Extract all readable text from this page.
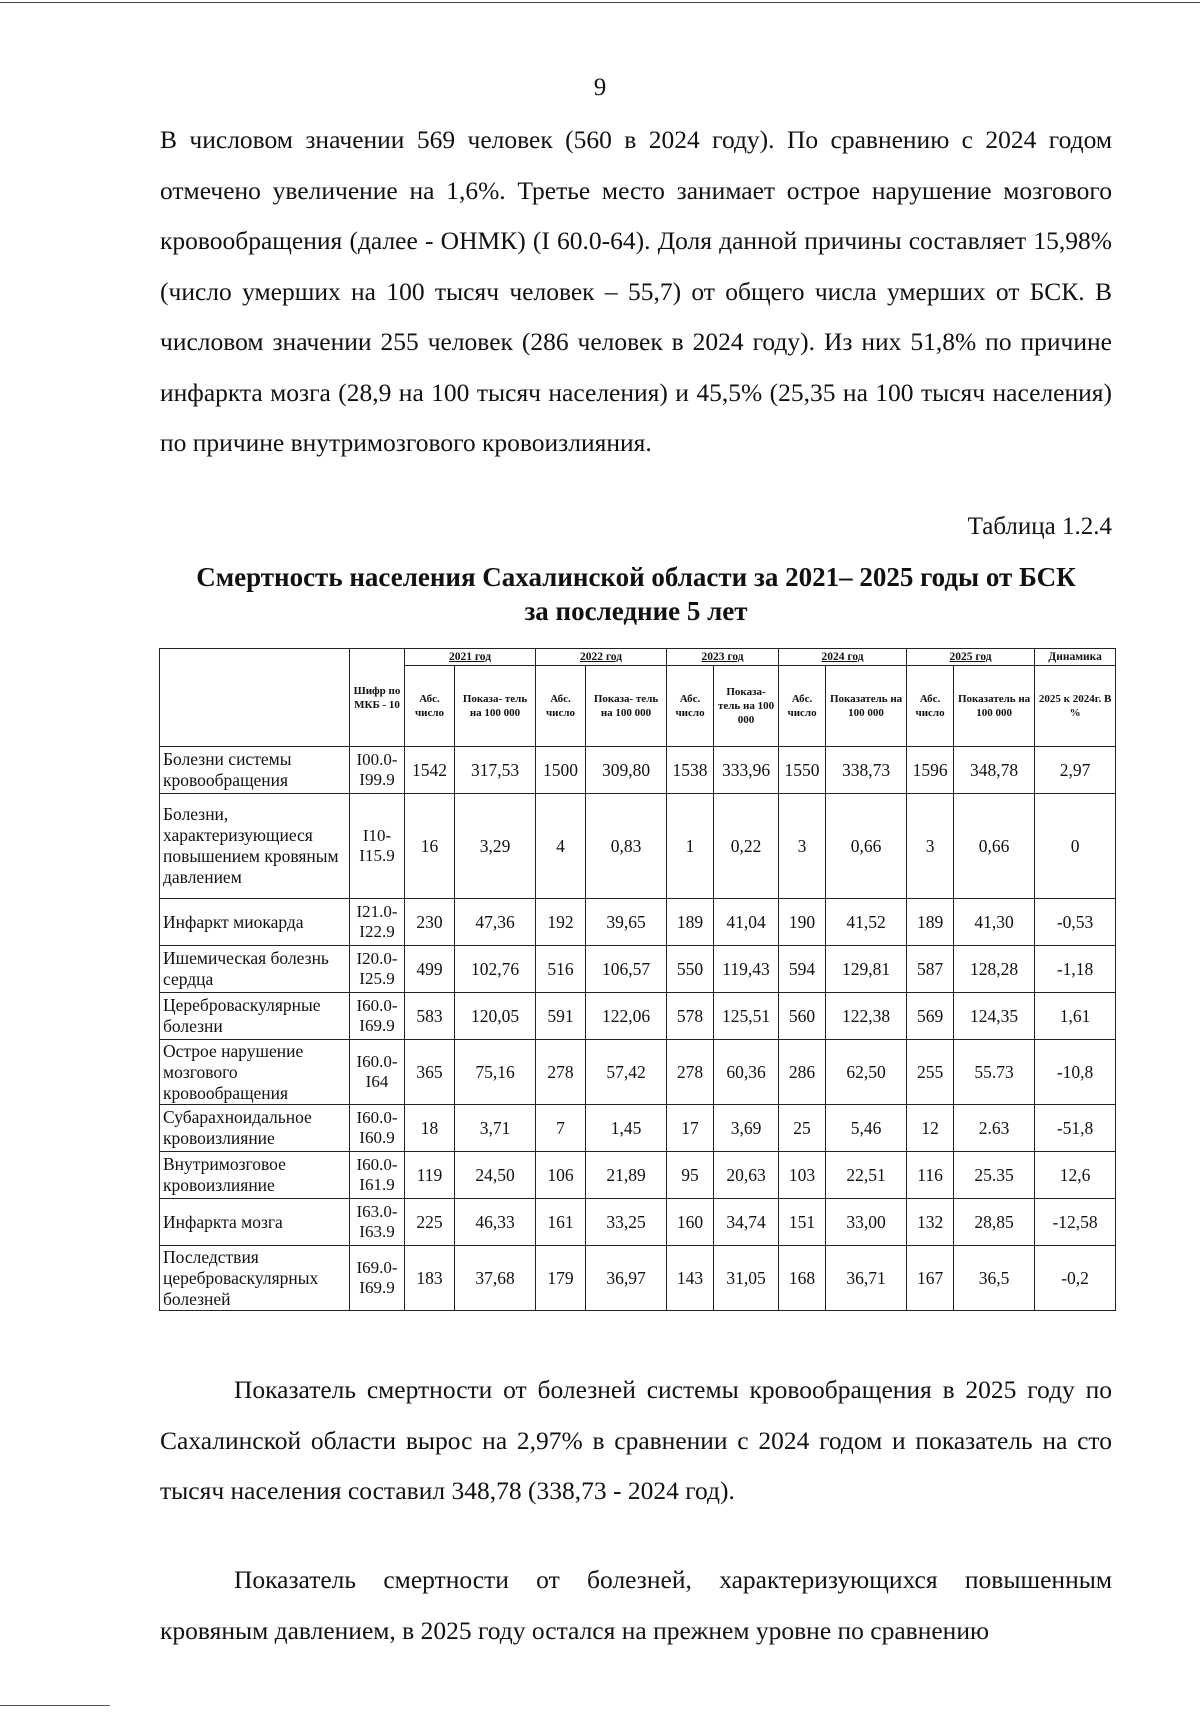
9

В числовом значении 569 человек (560 в 2024 году). По сравнению с 2024 годом отмечено увеличение на 1,6%. Третье место занимает острое нарушение мозгового кровообращения (далее - ОНМК) (I 60.0-64). Доля данной причины составляет 15,98% (число умерших на 100 тысяч человек – 55,7) от общего числа умерших от БСК. В числовом значении 255 человек (286 человек в 2024 году). Из них 51,8% по причине инфаркта мозга (28,9 на 100 тысяч населения) и 45,5% (25,35 на 100 тысяч населения) по причине внутримозгового кровоизлияния.

Таблица 1.2.4
Смертность населения Сахалинской области за 2021– 2025 годы от БСК
за последние 5 лет
	Шифр по МКБ - 10	2021 год		2022 год		2023 год		2024 год		2025 год		Динамика
		Абс. число	Показа- тель на 100 000	Абс. число	Показа- тель на 100 000	Абс. число	Показа- тель на 100 000	Абс. число	Показатель на 100 000	Абс. число	Показатель на 100 000	2025 к 2024г. В %
Болезни системы кровообращения	I00.0-I99.9	1542	317,53	1500	309,80	1538	333,96	1550	338,73	1596	348,78	2,97
Болезни, характеризующиеся повышением кровяным давлением	I10-I15.9	16	3,29	4	0,83	1	0,22	3	0,66	3	0,66	0
Инфаркт миокарда	I21.0-I22.9	230	47,36	192	39,65	189	41,04	190	41,52	189	41,30	-0,53
Ишемическая болезнь сердца	I20.0-I25.9	499	102,76	516	106,57	550	119,43	594	129,81	587	128,28	-1,18
Цереброваскулярные болезни	I60.0-I69.9	583	120,05	591	122,06	578	125,51	560	122,38	569	124,35	1,61
Острое нарушение мозгового кровообращения	I60.0-I64	365	75,16	278	57,42	278	60,36	286	62,50	255	55.73	-10,8
Субарахноидальное кровоизлияние	I60.0-I60.9	18	3,71	7	1,45	17	3,69	25	5,46	12	2.63	-51,8
Внутримозговое кровоизлияние	I60.0-I61.9	119	24,50	106	21,89	95	20,63	103	22,51	116	25.35	12,6
Инфаркта мозга	I63.0-I63.9	225	46,33	161	33,25	160	34,74	151	33,00	132	28,85	-12,58
Последствия цереброваскулярных болезней	I69.0-I69.9	183	37,68	179	36,97	143	31,05	168	36,71	167	36,5	-0,2

Показатель смертности от болезней системы кровообращения в 2025 году по Сахалинской области вырос на 2,97% в сравнении с 2024 годом и показатель на сто тысяч населения составил 348,78 (338,73 - 2024 год).

Показатель смертности от болезней, характеризующихся повышенным кровяным давлением, в 2025 году остался на прежнем уровне по сравнению
